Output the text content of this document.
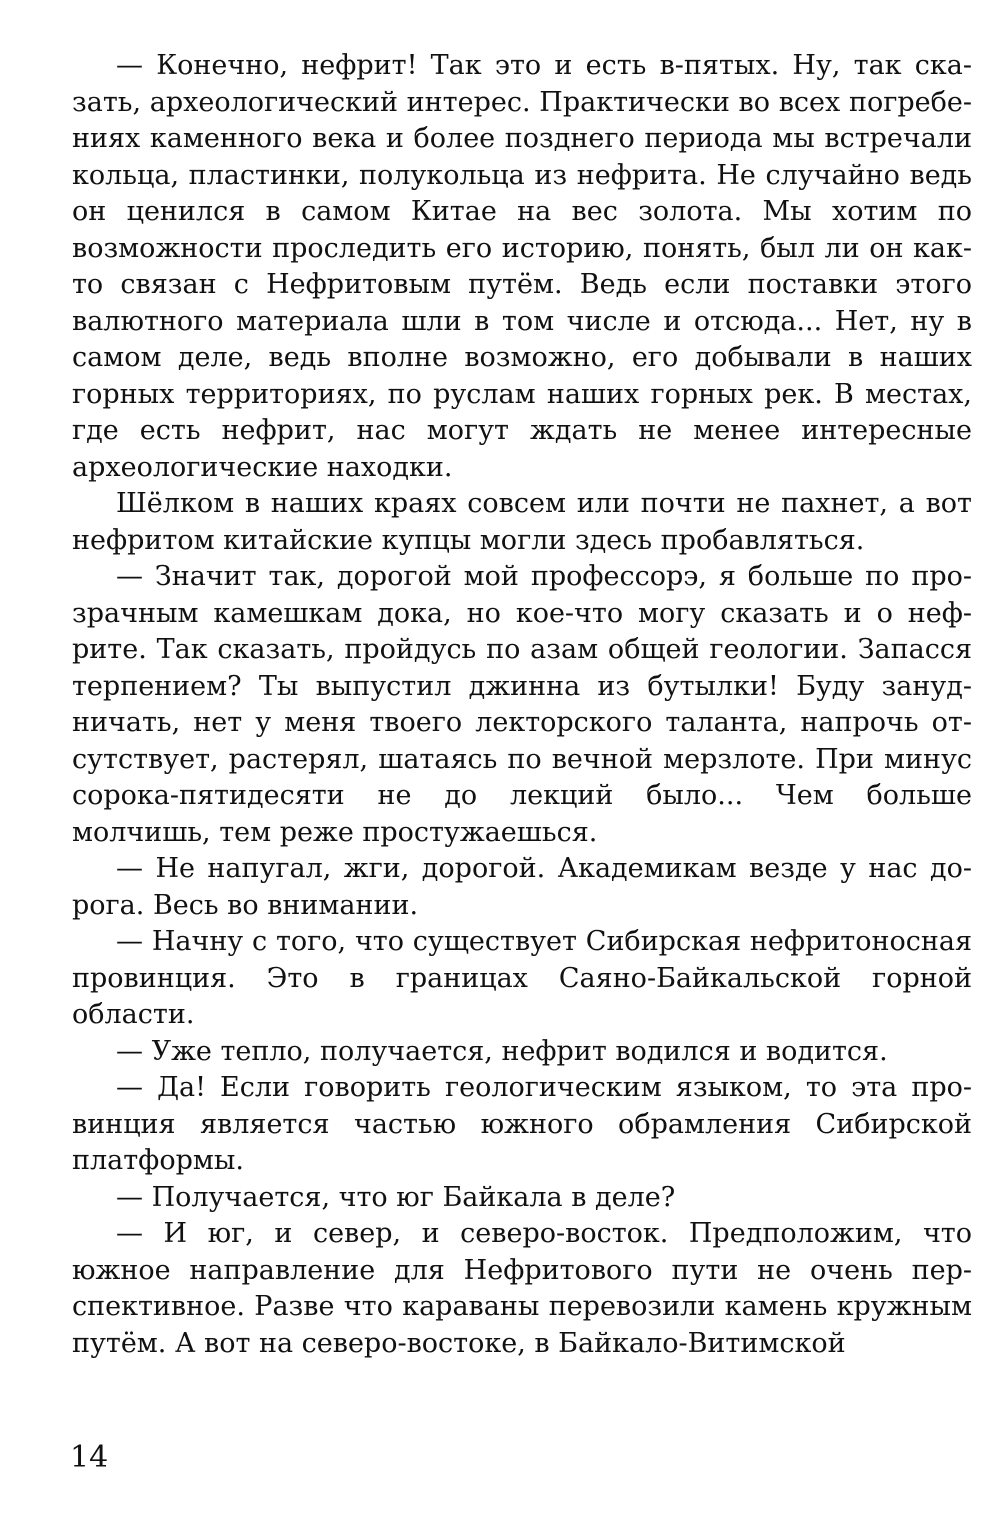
— Конечно, нефрит! Так это и есть в-пятых. Ну, так сказать, археологический интерес. Практически во всех погребениях каменного века и более позднего периода мы встречали кольца, пластинки, полукольца из нефрита. Не случайно ведь он ценился в самом Китае на вес золота. Мы хотим по возможности проследить его историю, понять, был ли он как-то связан с Нефритовым путём. Ведь если поставки этого валютного материала шли в том числе и отсюда... Нет, ну в самом деле, ведь вполне возможно, его добывали в наших горных территориях, по руслам наших горных рек. В местах, где есть нефрит, нас могут ждать не менее интересные археологические находки.

Шёлком в наших краях совсем или почти не пахнет, а вот нефритом китайские купцы могли здесь пробавляться.

— Значит так, дорогой мой профессорэ, я больше по прозрачным камешкам дока, но кое-что могу сказать и о нефрите. Так сказать, пройдусь по азам общей геологии. Запасся терпением? Ты выпустил джинна из бутылки! Буду занудничать, нет у меня твоего лекторского таланта, напрочь отсутствует, растерял, шатаясь по вечной мерзлоте. При минус сорока-пятидесяти не до лекций было... Чем больше молчишь, тем реже простужаешься.

— Не напугал, жги, дорогой. Академикам везде у нас дорога. Весь во внимании.

— Начну с того, что существует Сибирская нефритоносная провинция. Это в границах Саяно-Байкальской горной области.

— Уже тепло, получается, нефрит водился и водится.

— Да! Если говорить геологическим языком, то эта провинция является частью южного обрамления Сибирской платформы.

— Получается, что юг Байкала в деле?

— И юг, и север, и северо-восток. Предположим, что южное направление для Нефритового пути не очень перспективное. Разве что караваны перевозили камень кружным путём. А вот на северо-востоке, в Байкало-Витимской

14
